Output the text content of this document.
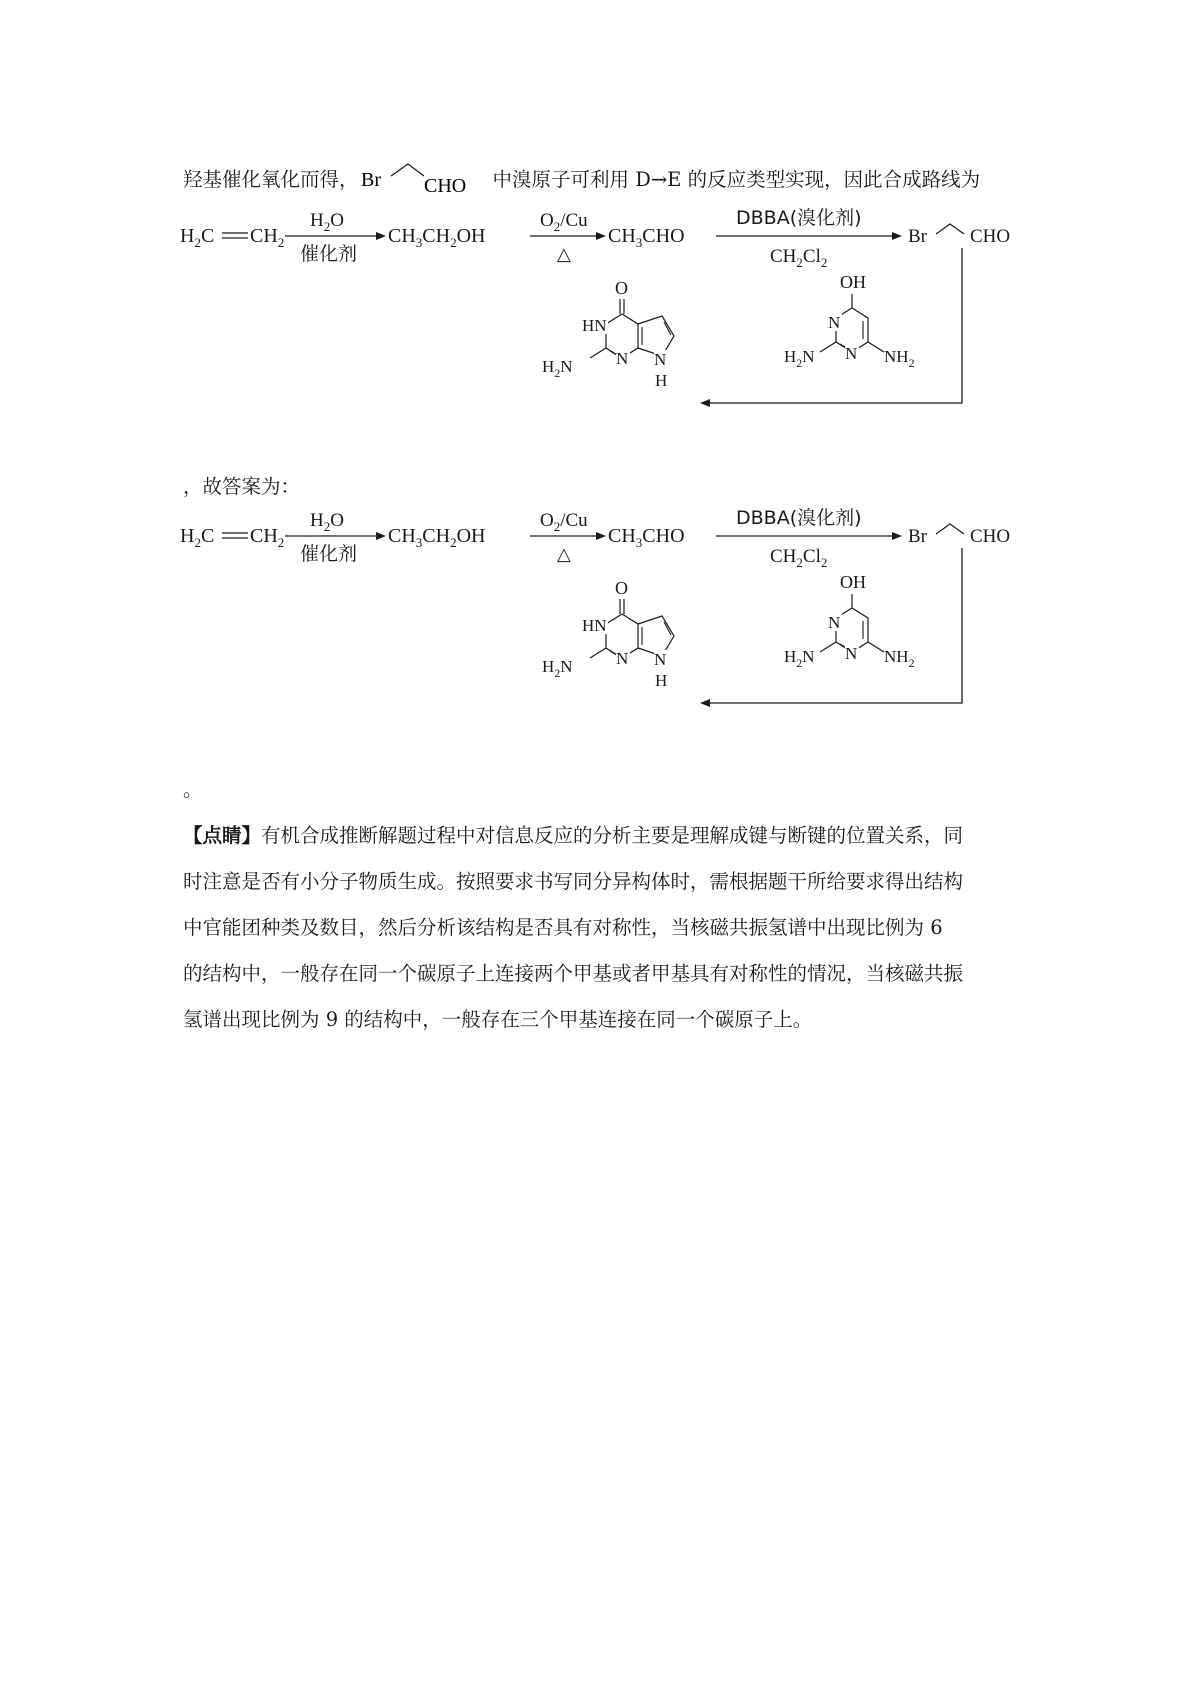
羟基催化氧化而得， Br CHO 中溴原子可利用 D→E 的反应类型实现，因此合成路线为
$H_2C$ $CH_2$
$H_2O$
催化剂
$CH_3CH_2OH$
$O_2/Cu$
△
$CH_3CHO$
DBBA(溴化剂)
$CH_2Cl_2$
Br CHO
OH
N
N
$H_2N$	$NH_2$
O
HN
N N
H
$H_2N$
，故答案为：
$H_2C$ $CH_2$
$H_2O$
催化剂
$CH_3CH_2OH$
$O_2/Cu$
△
$CH_3CHO$
DBBA(溴化剂)
$CH_2Cl_2$
Br CHO
OH
N
N
$H_2N$	$NH_2$
O
HN
N N
H
$H_2N$
。
【点睛】有机合成推断解题过程中对信息反应的分析主要是理解成键与断键的位置关系，同
时注意是否有小分子物质生成。按照要求书写同分异构体时，需根据题干所给要求得出结构
中官能团种类及数目，然后分析该结构是否具有对称性，当核磁共振氢谱中出现比例为 6
的结构中，一般存在同一个碳原子上连接两个甲基或者甲基具有对称性的情况，当核磁共振
氢谱出现比例为 9 的结构中，一般存在三个甲基连接在同一个碳原子上。
